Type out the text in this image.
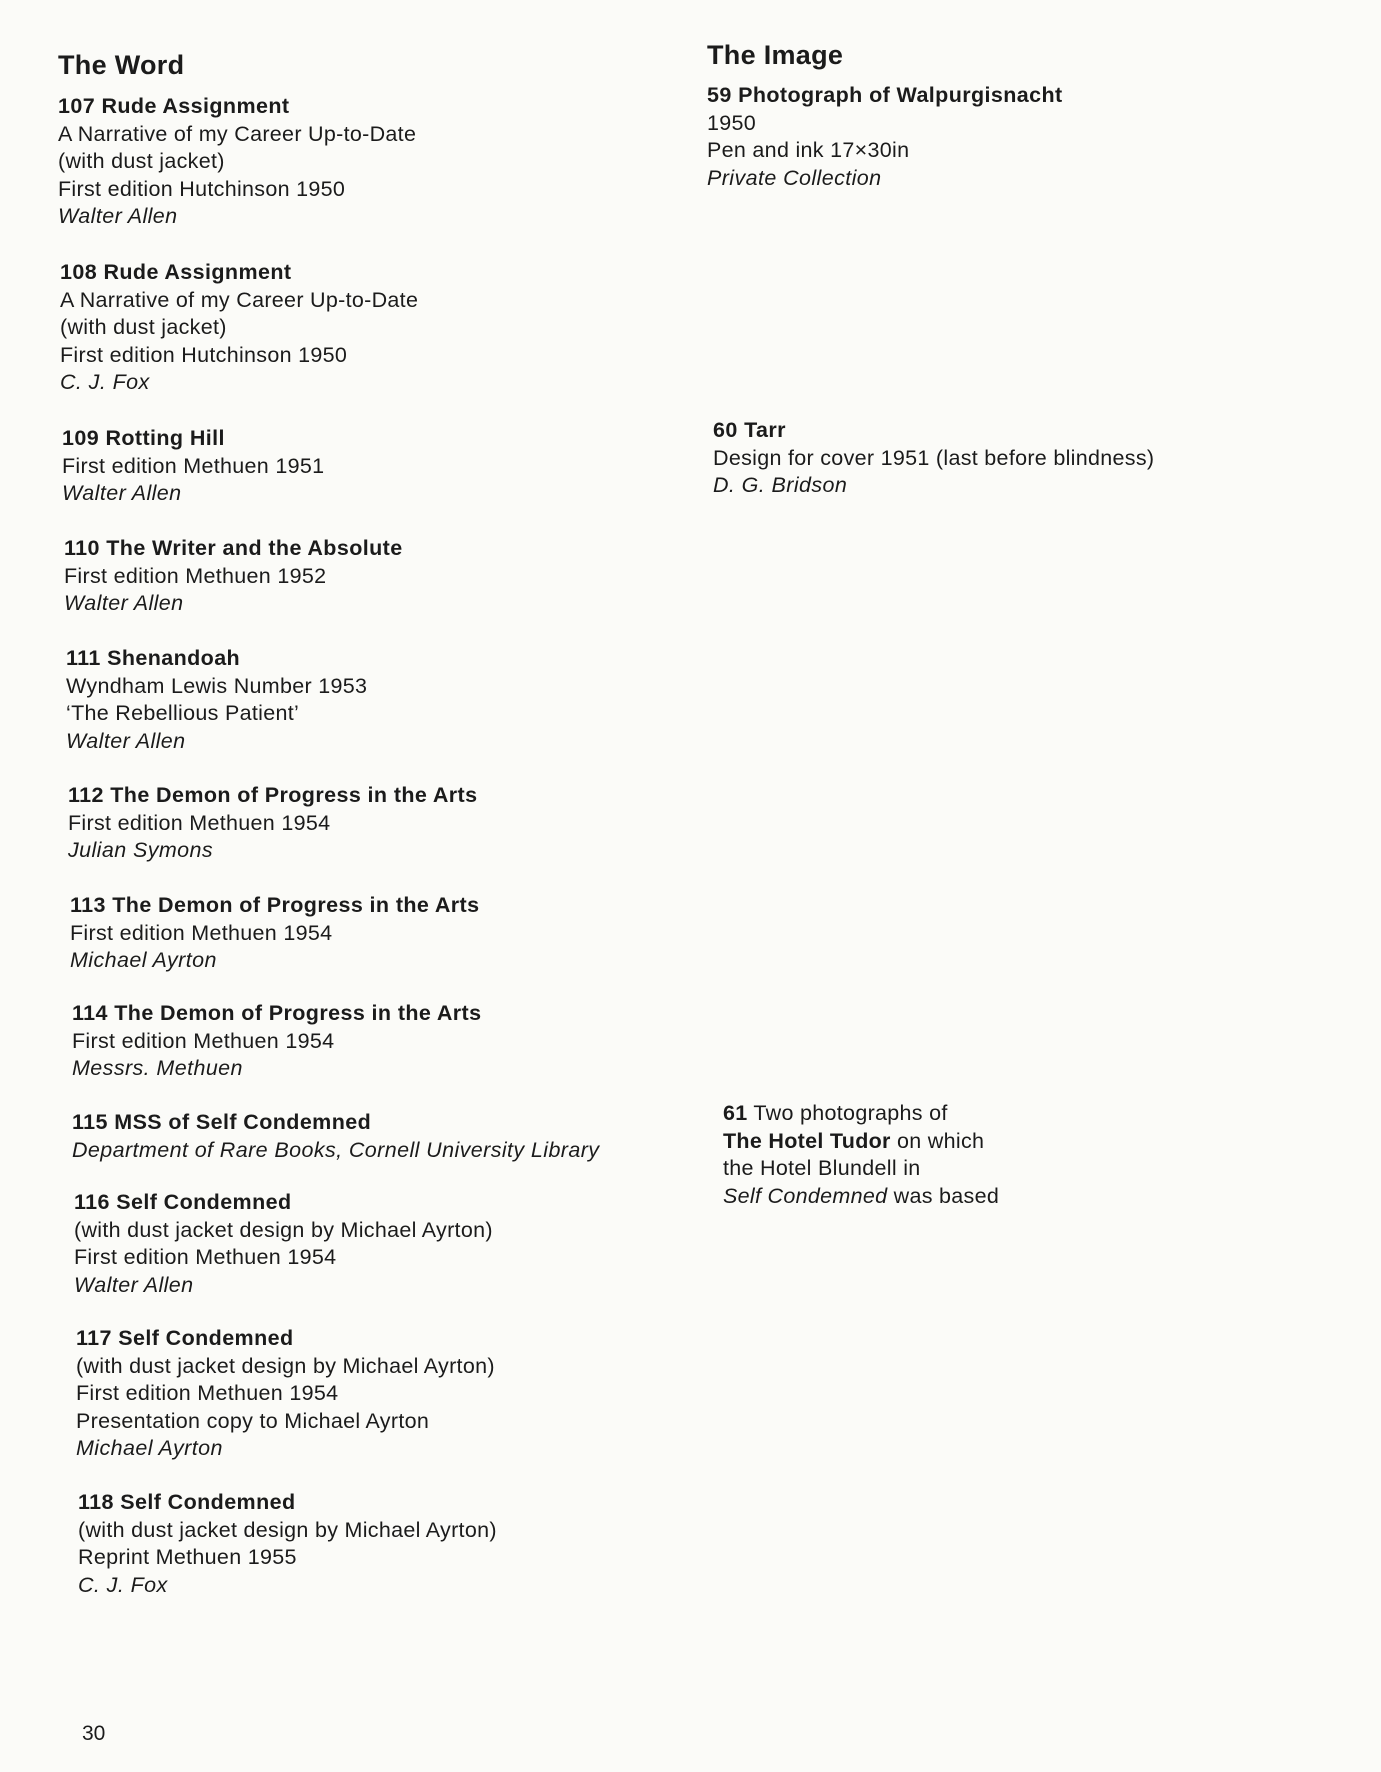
The Word	The Image
107 Rude Assignment
A Narrative of my Career Up-to-Date
(with dust jacket)
First edition Hutchinson 1950
Walter Allen
108 Rude Assignment
A Narrative of my Career Up-to-Date
(with dust jacket)
First edition Hutchinson 1950
C. J. Fox
109 Rotting Hill
First edition Methuen 1951
Walter Allen
110 The Writer and the Absolute
First edition Methuen 1952
Walter Allen
111 Shenandoah
Wyndham Lewis Number 1953
‘The Rebellious Patient’
Walter Allen
112 The Demon of Progress in the Arts
First edition Methuen 1954
Julian Symons
113 The Demon of Progress in the Arts
First edition Methuen 1954
Michael Ayrton
114 The Demon of Progress in the Arts
First edition Methuen 1954
Messrs. Methuen
115 MSS of Self Condemned
Department of Rare Books, Cornell University Library
116 Self Condemned
(with dust jacket design by Michael Ayrton)
First edition Methuen 1954
Walter Allen
117 Self Condemned
(with dust jacket design by Michael Ayrton)
First edition Methuen 1954
Presentation copy to Michael Ayrton
Michael Ayrton
118 Self Condemned
(with dust jacket design by Michael Ayrton)
Reprint Methuen 1955
C. J. Fox
59 Photograph of Walpurgisnacht
1950
Pen and ink 17×30in
Private Collection
60 Tarr
Design for cover 1951 (last before blindness)
D. G. Bridson
61 Two photographs of
The Hotel Tudor on which
the Hotel Blundell in
Self Condemned was based
30
